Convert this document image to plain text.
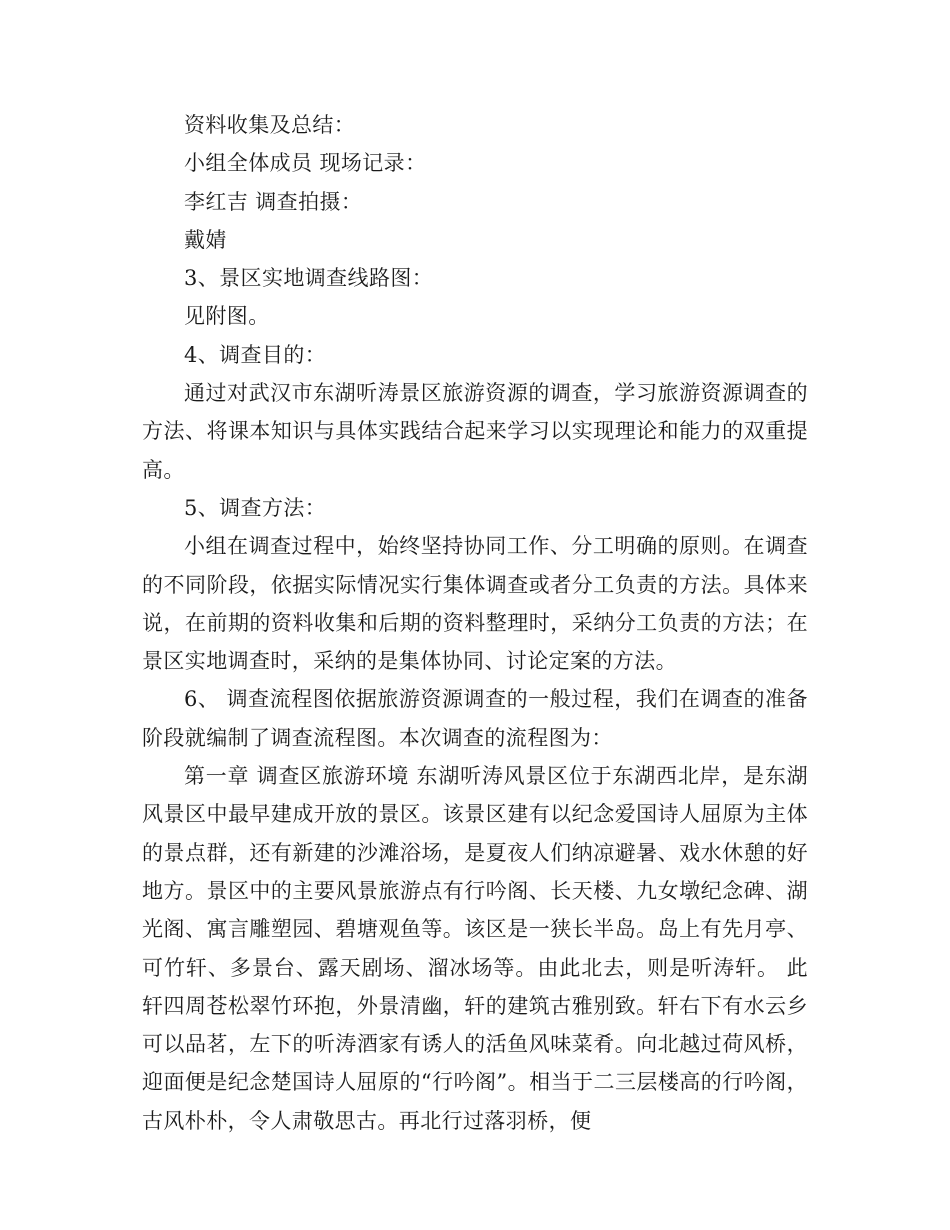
资料收集及总结：

小组全体成员 现场记录：

李红吉 调查拍摄：

戴婧

3、景区实地调查线路图：

见附图。

4、调查目的：

通过对武汉市东湖听涛景区旅游资源的调查，学习旅游资源调查的方法、将课本知识与具体实践结合起来学习以实现理论和能力的双重提高。

5、调查方法：

小组在调查过程中，始终坚持协同工作、分工明确的原则。在调查的不同阶段，依据实际情况实行集体调查或者分工负责的方法。具体来说，在前期的资料收集和后期的资料整理时，采纳分工负责的方法；在景区实地调查时，采纳的是集体协同、讨论定案的方法。

6、 调查流程图依据旅游资源调查的一般过程，我们在调查的准备阶段就编制了调查流程图。本次调查的流程图为：

第一章 调查区旅游环境 东湖听涛风景区位于东湖西北岸，是东湖风景区中最早建成开放的景区。该景区建有以纪念爱国诗人屈原为主体的景点群，还有新建的沙滩浴场，是夏夜人们纳凉避暑、戏水休憩的好地方。景区中的主要风景旅游点有行吟阁、长天楼、九女墩纪念碑、湖光阁、寓言雕塑园、碧塘观鱼等。该区是一狭长半岛。岛上有先月亭、可竹轩、多景台、露天剧场、溜冰场等。由此北去，则是听涛轩。 此轩四周苍松翠竹环抱，外景清幽，轩的建筑古雅别致。轩右下有水云乡可以品茗，左下的听涛酒家有诱人的活鱼风味菜肴。向北越过荷风桥，迎面便是纪念楚国诗人屈原的“行吟阁”。相当于二三层楼高的行吟阁，古风朴朴，令人肃敬思古。再北行过落羽桥，便
